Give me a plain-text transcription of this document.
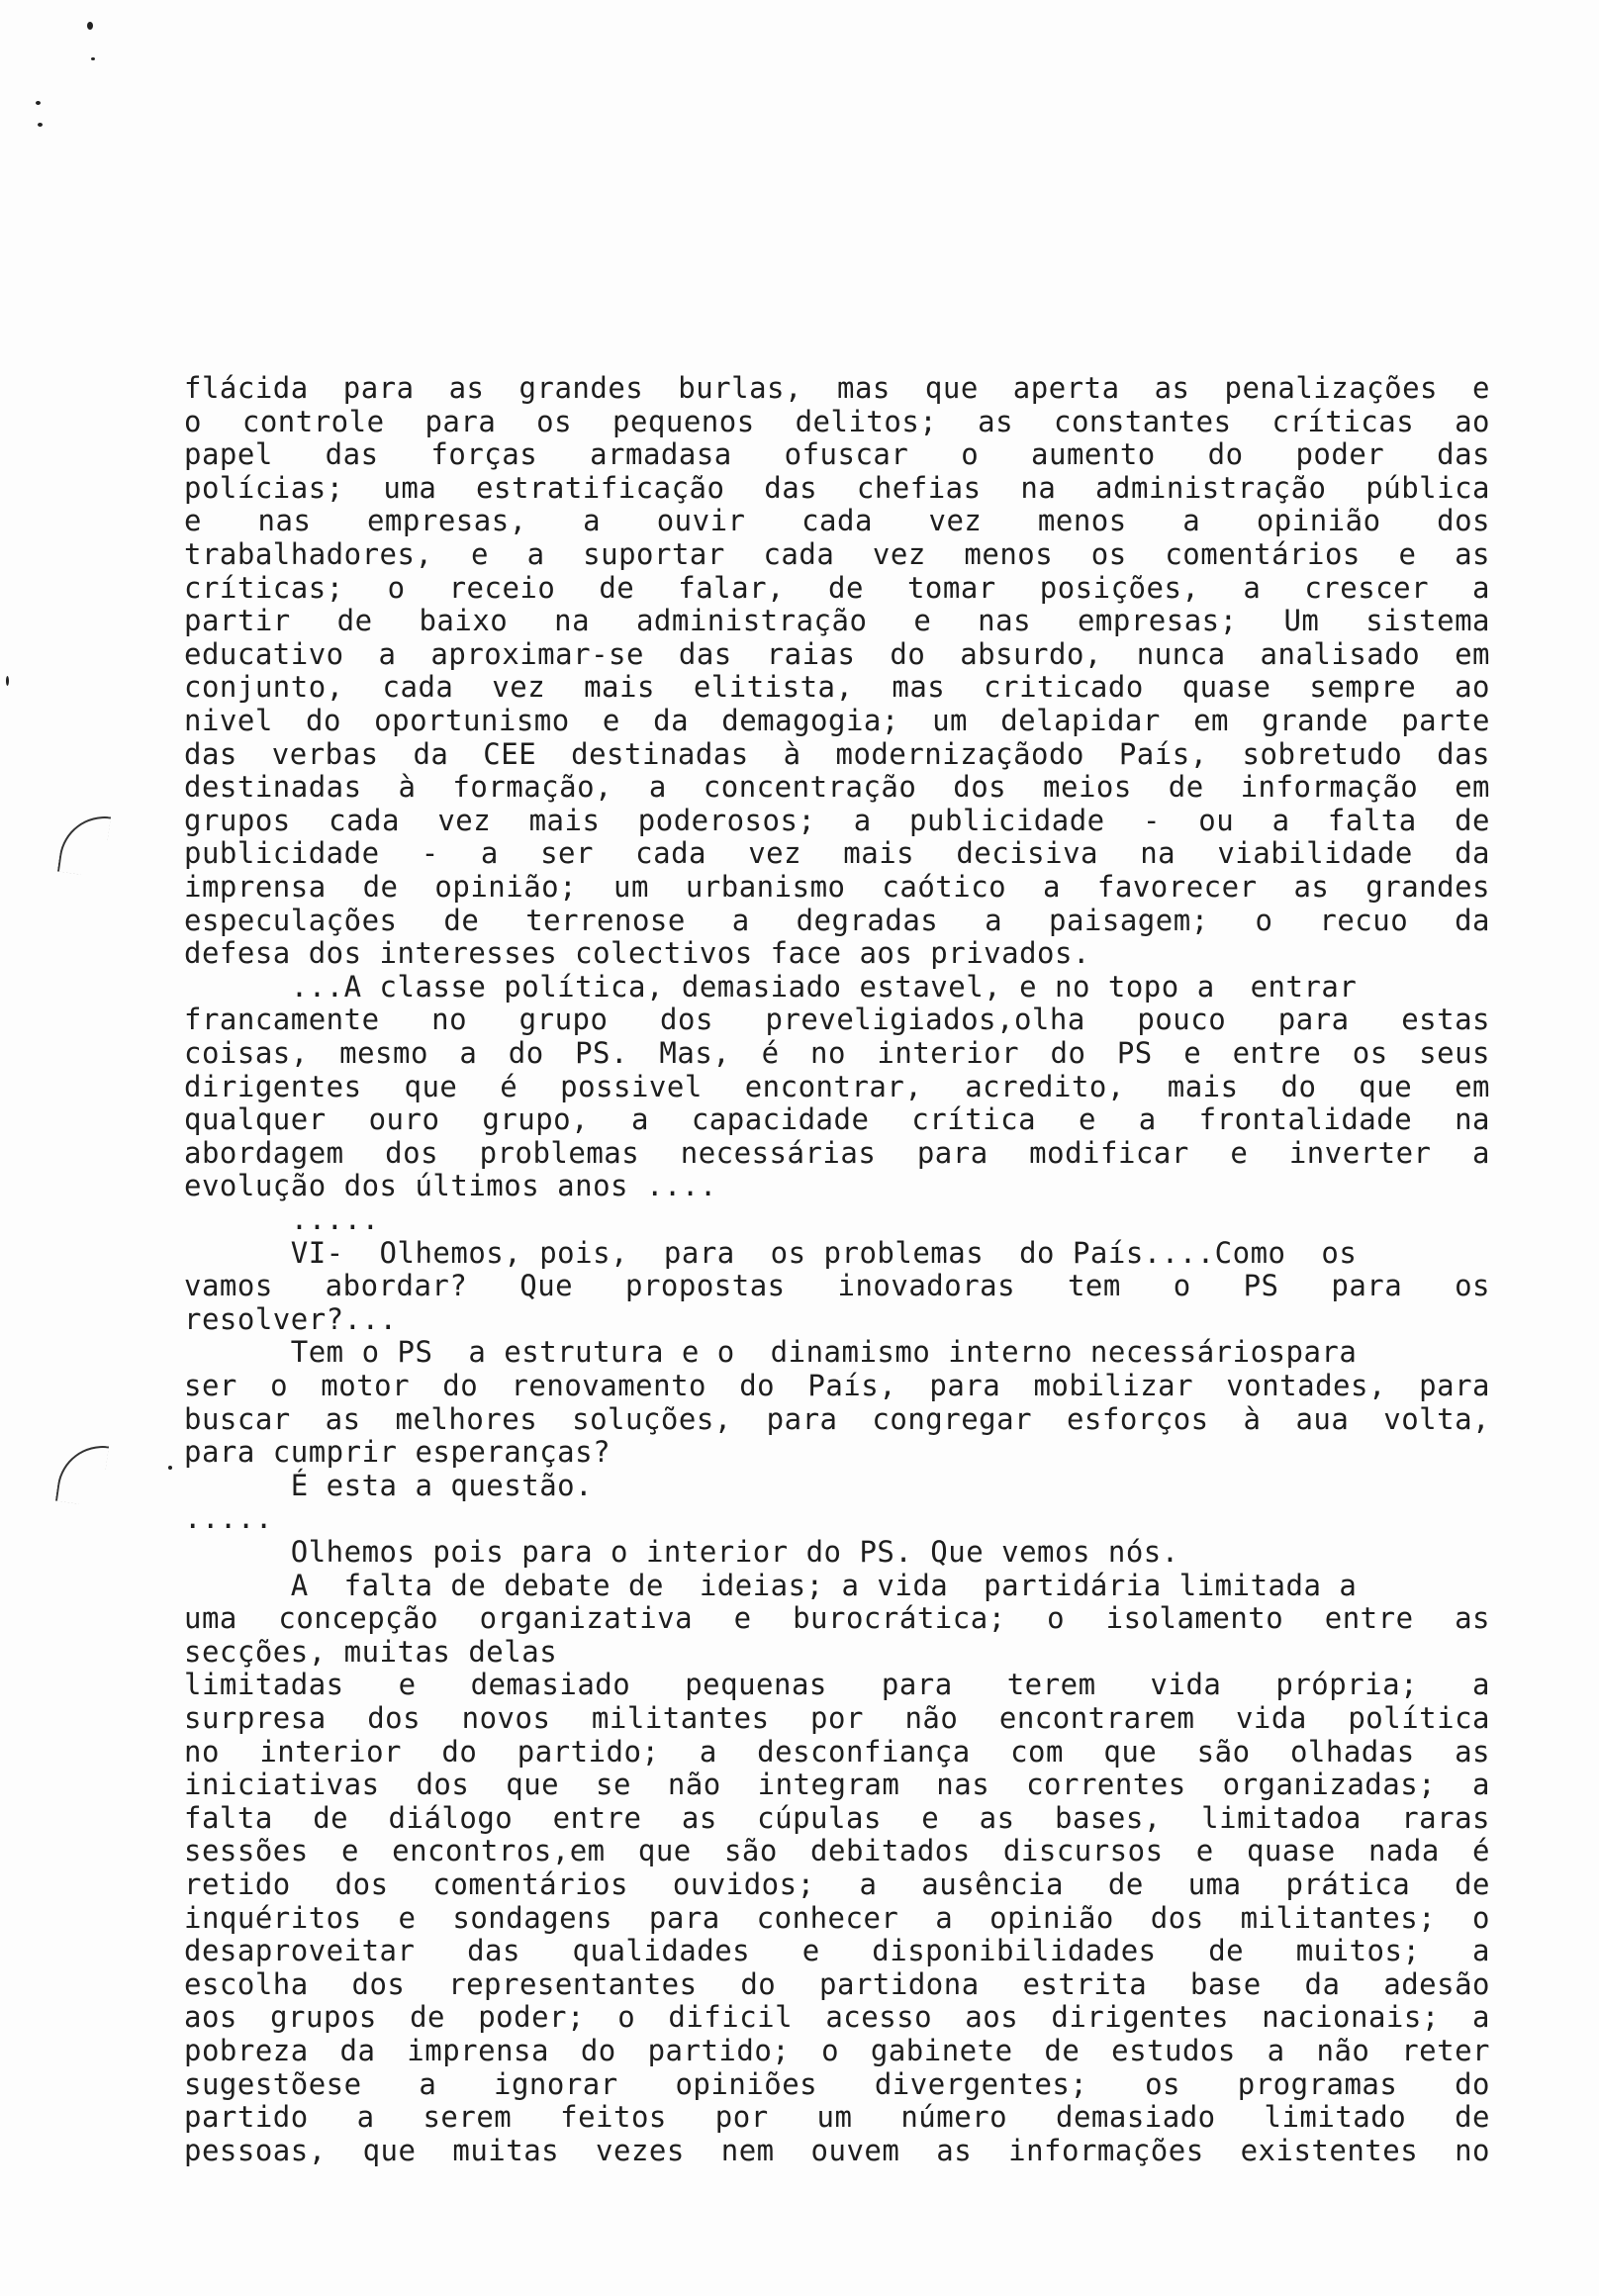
flácida para as grandes burlas, mas que aperta as penalizações e
o controle para os pequenos delitos; as constantes críticas ao
papel das forças armadasa ofuscar o aumento do poder das
polícias; uma estratificação das chefias na administração pública
e nas empresas, a ouvir cada vez menos a opinião dos
trabalhadores, e a suportar cada vez menos os comentários e as
críticas; o receio de falar, de tomar posições, a crescer a
partir de baixo na administração e nas empresas; Um sistema
educativo a aproximar-se das raias do absurdo, nunca analisado em
conjunto, cada vez mais elitista, mas criticado quase sempre ao
nivel do oportunismo e da demagogia; um delapidar em grande parte
das verbas da CEE destinadas à modernizaçãodo País, sobretudo das
destinadas à formação, a concentração dos meios de informação em
grupos cada vez mais poderosos; a publicidade - ou a falta de
publicidade - a ser cada vez mais decisiva na viabilidade da
imprensa de opinião; um urbanismo caótico a favorecer as grandes
especulações de terrenose a degradas a paisagem; o recuo da
defesa dos interesses colectivos face aos privados.
...A classe política, demasiado estavel, e no topo a  entrar
francamente no grupo dos preveligiados,olha pouco para estas
coisas, mesmo a do PS. Mas, é no interior do PS e entre os seus
dirigentes que é possivel encontrar, acredito, mais do que em
qualquer ouro grupo, a capacidade crítica e a frontalidade na
abordagem dos problemas necessárias para modificar e inverter a
evolução dos últimos anos ....
.....
VI-  Olhemos, pois,  para  os problemas  do País....Como  os
vamos abordar? Que propostas inovadoras tem o PS para os
resolver?...
Tem o PS  a estrutura e o  dinamismo interno necessáriospara
ser o motor do renovamento do País, para mobilizar vontades, para
buscar as melhores soluções, para congregar esforços à aua volta,
para cumprir esperanças?
É esta a questão.
.....
Olhemos pois para o interior do PS. Que vemos nós.
A  falta de debate de  ideias; a vida  partidária limitada a
uma concepção organizativa e burocrática; o isolamento entre as
secções, muitas delas
limitadas e demasiado pequenas para terem vida própria; a
surpresa dos novos militantes por não encontrarem vida política
no interior do partido; a desconfiança com que são olhadas as
iniciativas dos que se não integram nas correntes organizadas; a
falta de diálogo entre as cúpulas e as bases, limitadoa raras
sessões e encontros,em que são debitados discursos e quase nada é
retido dos comentários ouvidos; a ausência de uma prática de
inquéritos e sondagens para conhecer a opinião dos militantes; o
desaproveitar das qualidades e disponibilidades de muitos; a
escolha dos representantes do partidona estrita base da adesão
aos grupos de poder; o dificil acesso aos dirigentes nacionais; a
pobreza da imprensa do partido; o gabinete de estudos a não reter
sugestõese a ignorar opiniões divergentes; os programas do
partido a serem feitos por um número demasiado limitado de
pessoas, que muitas vezes nem ouvem as informações existentes no
